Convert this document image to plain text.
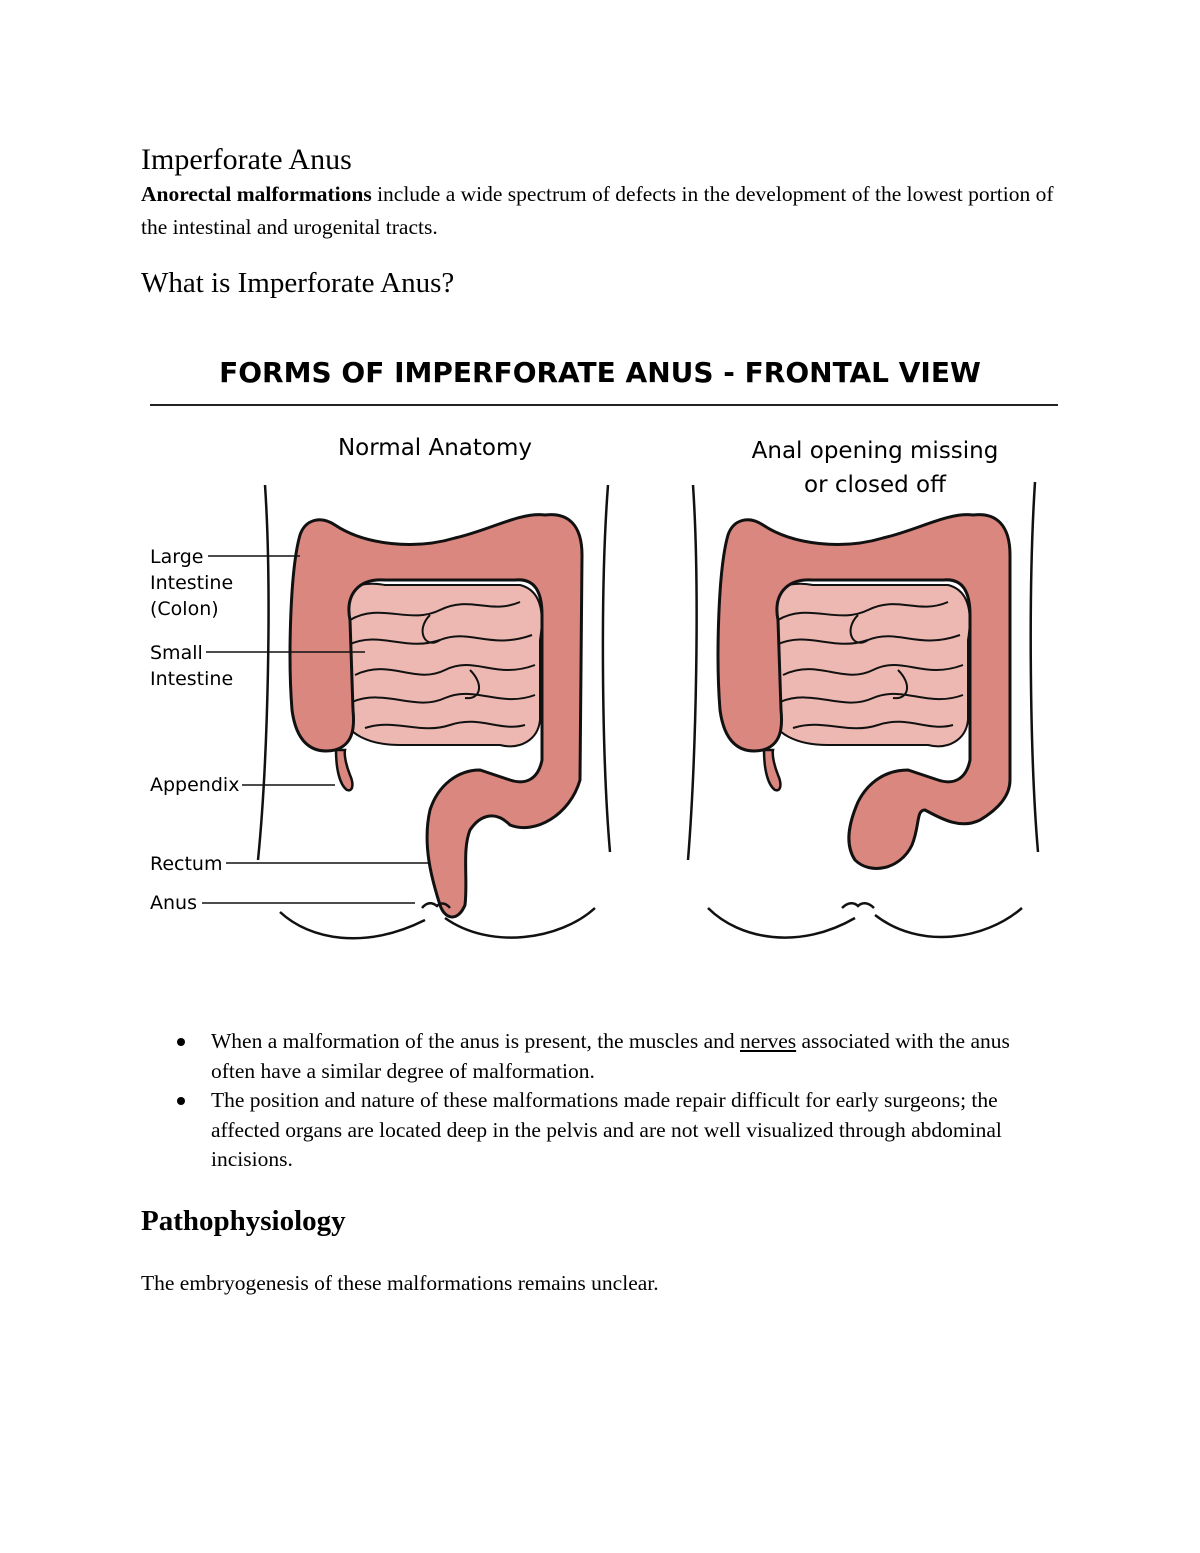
Imperforate Anus
Anorectal malformations include a wide spectrum of defects in the development of the lowest portion of the intestinal and urogenital tracts.
What is Imperforate Anus?
FORMS OF IMPERFORATE ANUS - FRONTAL VIEW
Normal Anatomy	Anal opening missing
or closed off
Large
Intestine
(Colon)
Small
Intestine
Appendix
Rectum
Anus
When a malformation of the anus is present, the muscles and nerves associated with the anus often have a similar degree of malformation.
The position and nature of these malformations made repair difficult for early surgeons; the affected organs are located deep in the pelvis and are not well visualized through abdominal incisions.
Pathophysiology
The embryogenesis of these malformations remains unclear.
